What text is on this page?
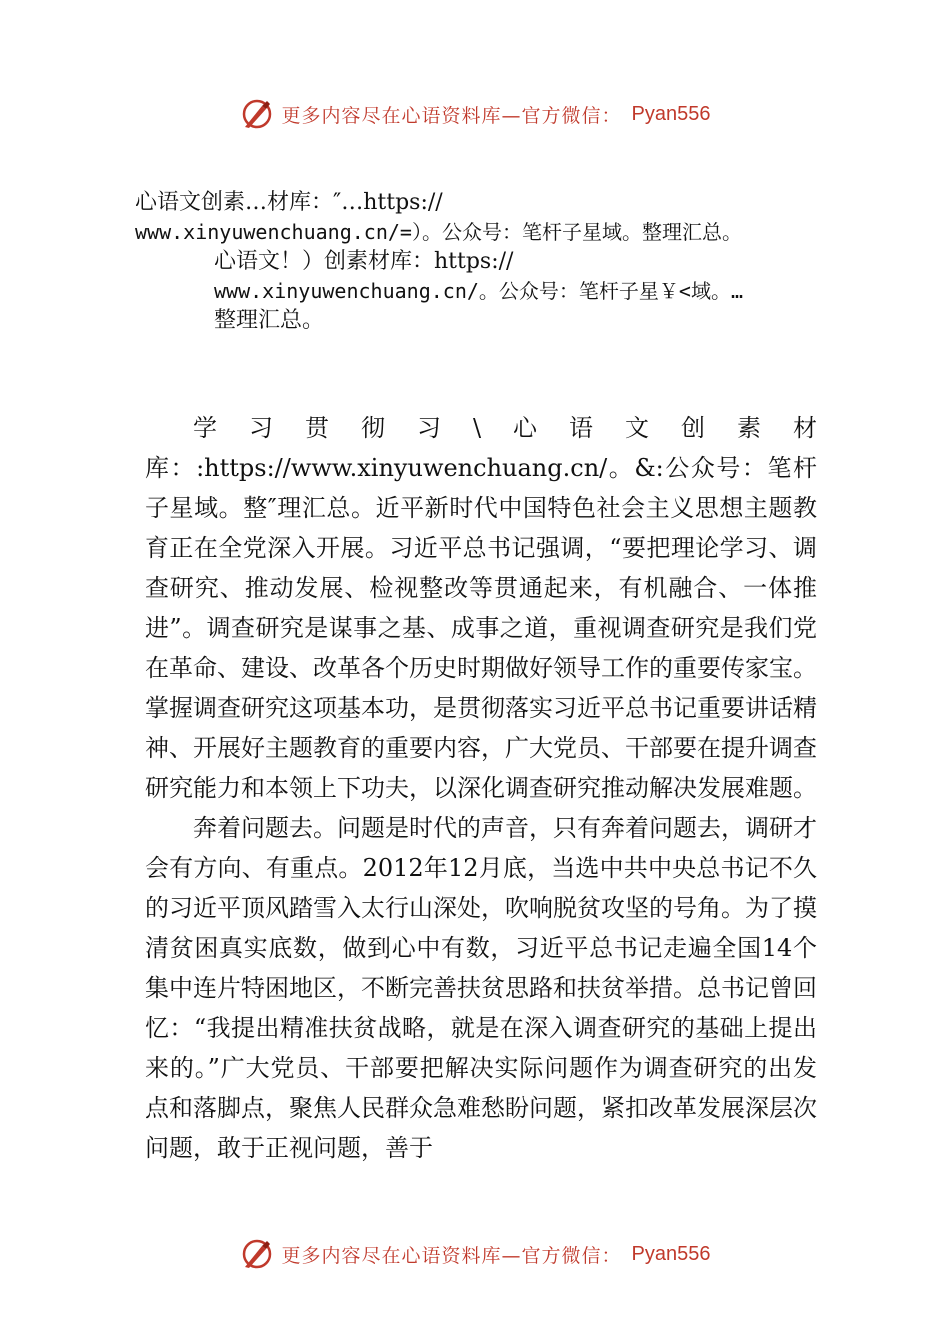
更多内容尽在心语资料库—官方微信： Pyan556
心语文创素…材库：″…https://
www.xinyuwenchuang.cn/=）。公众号：笔杆子星域。整理汇总。
心语文！）创素材库：https://
www.xinyuwenchuang.cn/。公众号：笔杆子星￥<域。…
整理汇总。

学习贯彻习\心语文创素材库：:https://www.xinyuwenchuang.cn/。&:公众号：笔杆子星域。整″理汇总。近平新时代中国特色社会主义思想主题教育正在全党深入开展。习近平总书记强调，“要把理论学习、调查研究、推动发展、检视整改等贯通起来，有机融合、一体推进”。调查研究是谋事之基、成事之道，重视调查研究是我们党在革命、建设、改革各个历史时期做好领导工作的重要传家宝。掌握调查研究这项基本功，是贯彻落实习近平总书记重要讲话精神、开展好主题教育的重要内容，广大党员、干部要在提升调查研究能力和本领上下功夫，以深化调查研究推动解决发展难题。

奔着问题去。问题是时代的声音，只有奔着问题去，调研才会有方向、有重点。2012年12月底，当选中共中央总书记不久的习近平顶风踏雪入太行山深处，吹响脱贫攻坚的号角。为了摸清贫困真实底数，做到心中有数，习近平总书记走遍全国14个集中连片特困地区，不断完善扶贫思路和扶贫举措。总书记曾回忆：“我提出精准扶贫战略，就是在深入调查研究的基础上提出来的。”广大党员、干部要把解决实际问题作为调查研究的出发点和落脚点，聚焦人民群众急难愁盼问题，紧扣改革发展深层次问题，敢于正视问题，善于

更多内容尽在心语资料库—官方微信： Pyan556
